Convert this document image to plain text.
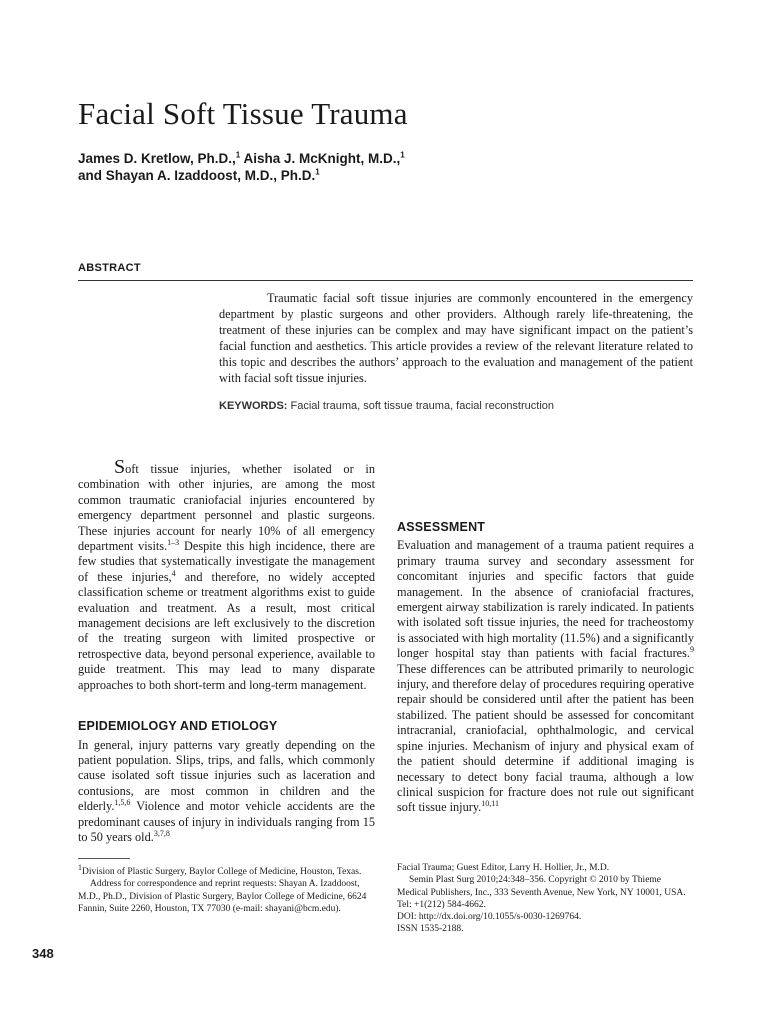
Facial Soft Tissue Trauma
James D. Kretlow, Ph.D.,$^1$ Aisha J. McKnight, M.D.,$^1$
and Shayan A. Izaddoost, M.D., Ph.D.$^1$
ABSTRACT

Traumatic facial soft tissue injuries are commonly encountered in the emergency department by plastic surgeons and other providers. Although rarely life-threatening, the treatment of these injuries can be complex and may have significant impact on the patient’s facial function and aesthetics. This article provides a review of the relevant literature related to this topic and describes the authors’ approach to the evaluation and management of the patient with facial soft tissue injuries.

KEYWORDS: Facial trauma, soft tissue trauma, facial reconstruction

Soft tissue injuries, whether isolated or in combination with other injuries, are among the most common traumatic craniofacial injuries encountered by emergency department personnel and plastic surgeons. These injuries account for nearly 10% of all emergency department visits.$^{1-3}$ Despite this high incidence, there are few studies that systematically investigate the management of these injuries,$^4$ and therefore, no widely accepted classification scheme or treatment algorithms exist to guide evaluation and treatment. As a result, most critical management decisions are left exclusively to the discretion of the treating surgeon with limited prospective or retrospective data, beyond personal experience, available to guide treatment. This may lead to many disparate approaches to both short-term and long-term management.

EPIDEMIOLOGY AND ETIOLOGY

In general, injury patterns vary greatly depending on the patient population. Slips, trips, and falls, which commonly cause isolated soft tissue injuries such as laceration and contusions, are most common in children and the elderly.$^{1,5,6}$ Violence and motor vehicle accidents are the predominant causes of injury in individuals ranging from 15 to 50 years old.$^{3,7,8}$

ASSESSMENT

Evaluation and management of a trauma patient requires a primary trauma survey and secondary assessment for concomitant injuries and specific factors that guide management. In the absence of craniofacial fractures, emergent airway stabilization is rarely indicated. In patients with isolated soft tissue injuries, the need for tracheostomy is associated with high mortality (11.5%) and a significantly longer hospital stay than patients with facial fractures.$^9$ These differences can be attributed primarily to neurologic injury, and therefore delay of procedures requiring operative repair should be considered until after the patient has been stabilized. The patient should be assessed for concomitant intracranial, craniofacial, ophthalmologic, and cervical spine injuries. Mechanism of injury and physical exam of the patient should determine if additional imaging is necessary to detect bony facial trauma, although a low clinical suspicion for fracture does not rule out significant soft tissue injury.$^{10,11}$

$^1$Division of Plastic Surgery, Baylor College of Medicine, Houston, Texas.

Address for correspondence and reprint requests: Shayan A. Izaddoost, M.D., Ph.D., Division of Plastic Surgery, Baylor College of Medicine, 6624 Fannin, Suite 2260, Houston, TX 77030 (e-mail: shayani@bcm.edu).

Facial Trauma; Guest Editor, Larry H. Hollier, Jr., M.D.

Semin Plast Surg 2010;24:348–356. Copyright © 2010 by Thieme Medical Publishers, Inc., 333 Seventh Avenue, New York, NY 10001, USA. Tel: +1(212) 584-4662.

DOI: http://dx.doi.org/10.1055/s-0030-1269764.

ISSN 1535-2188.

348
